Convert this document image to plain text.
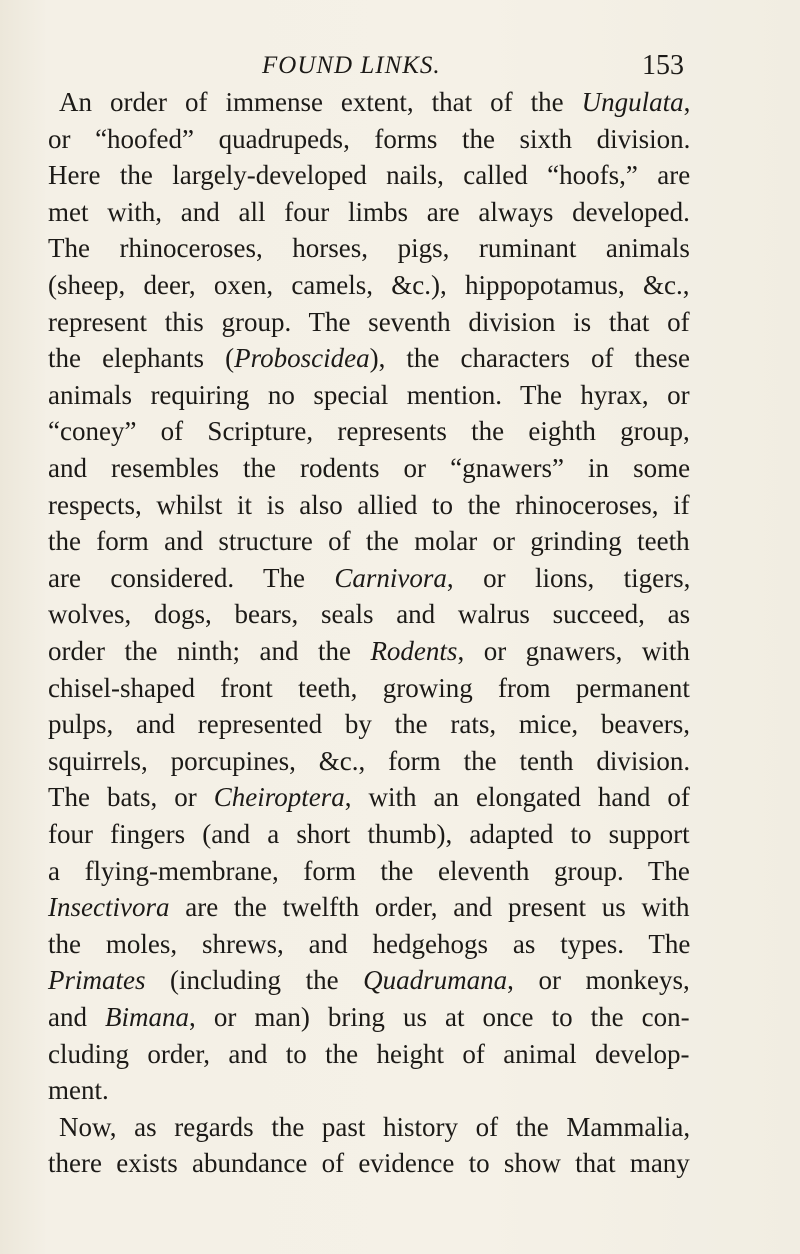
FOUND LINKS.	153
An order of immense extent, that of the Ungulata,
or “hoofed” quadrupeds, forms the sixth division.
Here the largely-developed nails, called “hoofs,” are
met with, and all four limbs are always developed.
The rhinoceroses, horses, pigs, ruminant animals
(sheep, deer, oxen, camels, &c.), hippopotamus, &c.,
represent this group. The seventh division is that of
the elephants (Proboscidea), the characters of these
animals requiring no special mention. The hyrax, or
“coney” of Scripture, represents the eighth group,
and resembles the rodents or “gnawers” in some
respects, whilst it is also allied to the rhinoceroses, if
the form and structure of the molar or grinding teeth
are considered. The Carnivora, or lions, tigers,
wolves, dogs, bears, seals and walrus succeed, as
order the ninth; and the Rodents, or gnawers, with
chisel-shaped front teeth, growing from permanent
pulps, and represented by the rats, mice, beavers,
squirrels, porcupines, &c., form the tenth division.
The bats, or Cheiroptera, with an elongated hand of
four fingers (and a short thumb), adapted to support
a flying-membrane, form the eleventh group. The
Insectivora are the twelfth order, and present us with
the moles, shrews, and hedgehogs as types. The
Primates (including the Quadrumana, or monkeys,
and Bimana, or man) bring us at once to the con-
cluding order, and to the height of animal develop-
ment.
Now, as regards the past history of the Mammalia,
there exists abundance of evidence to show that many
